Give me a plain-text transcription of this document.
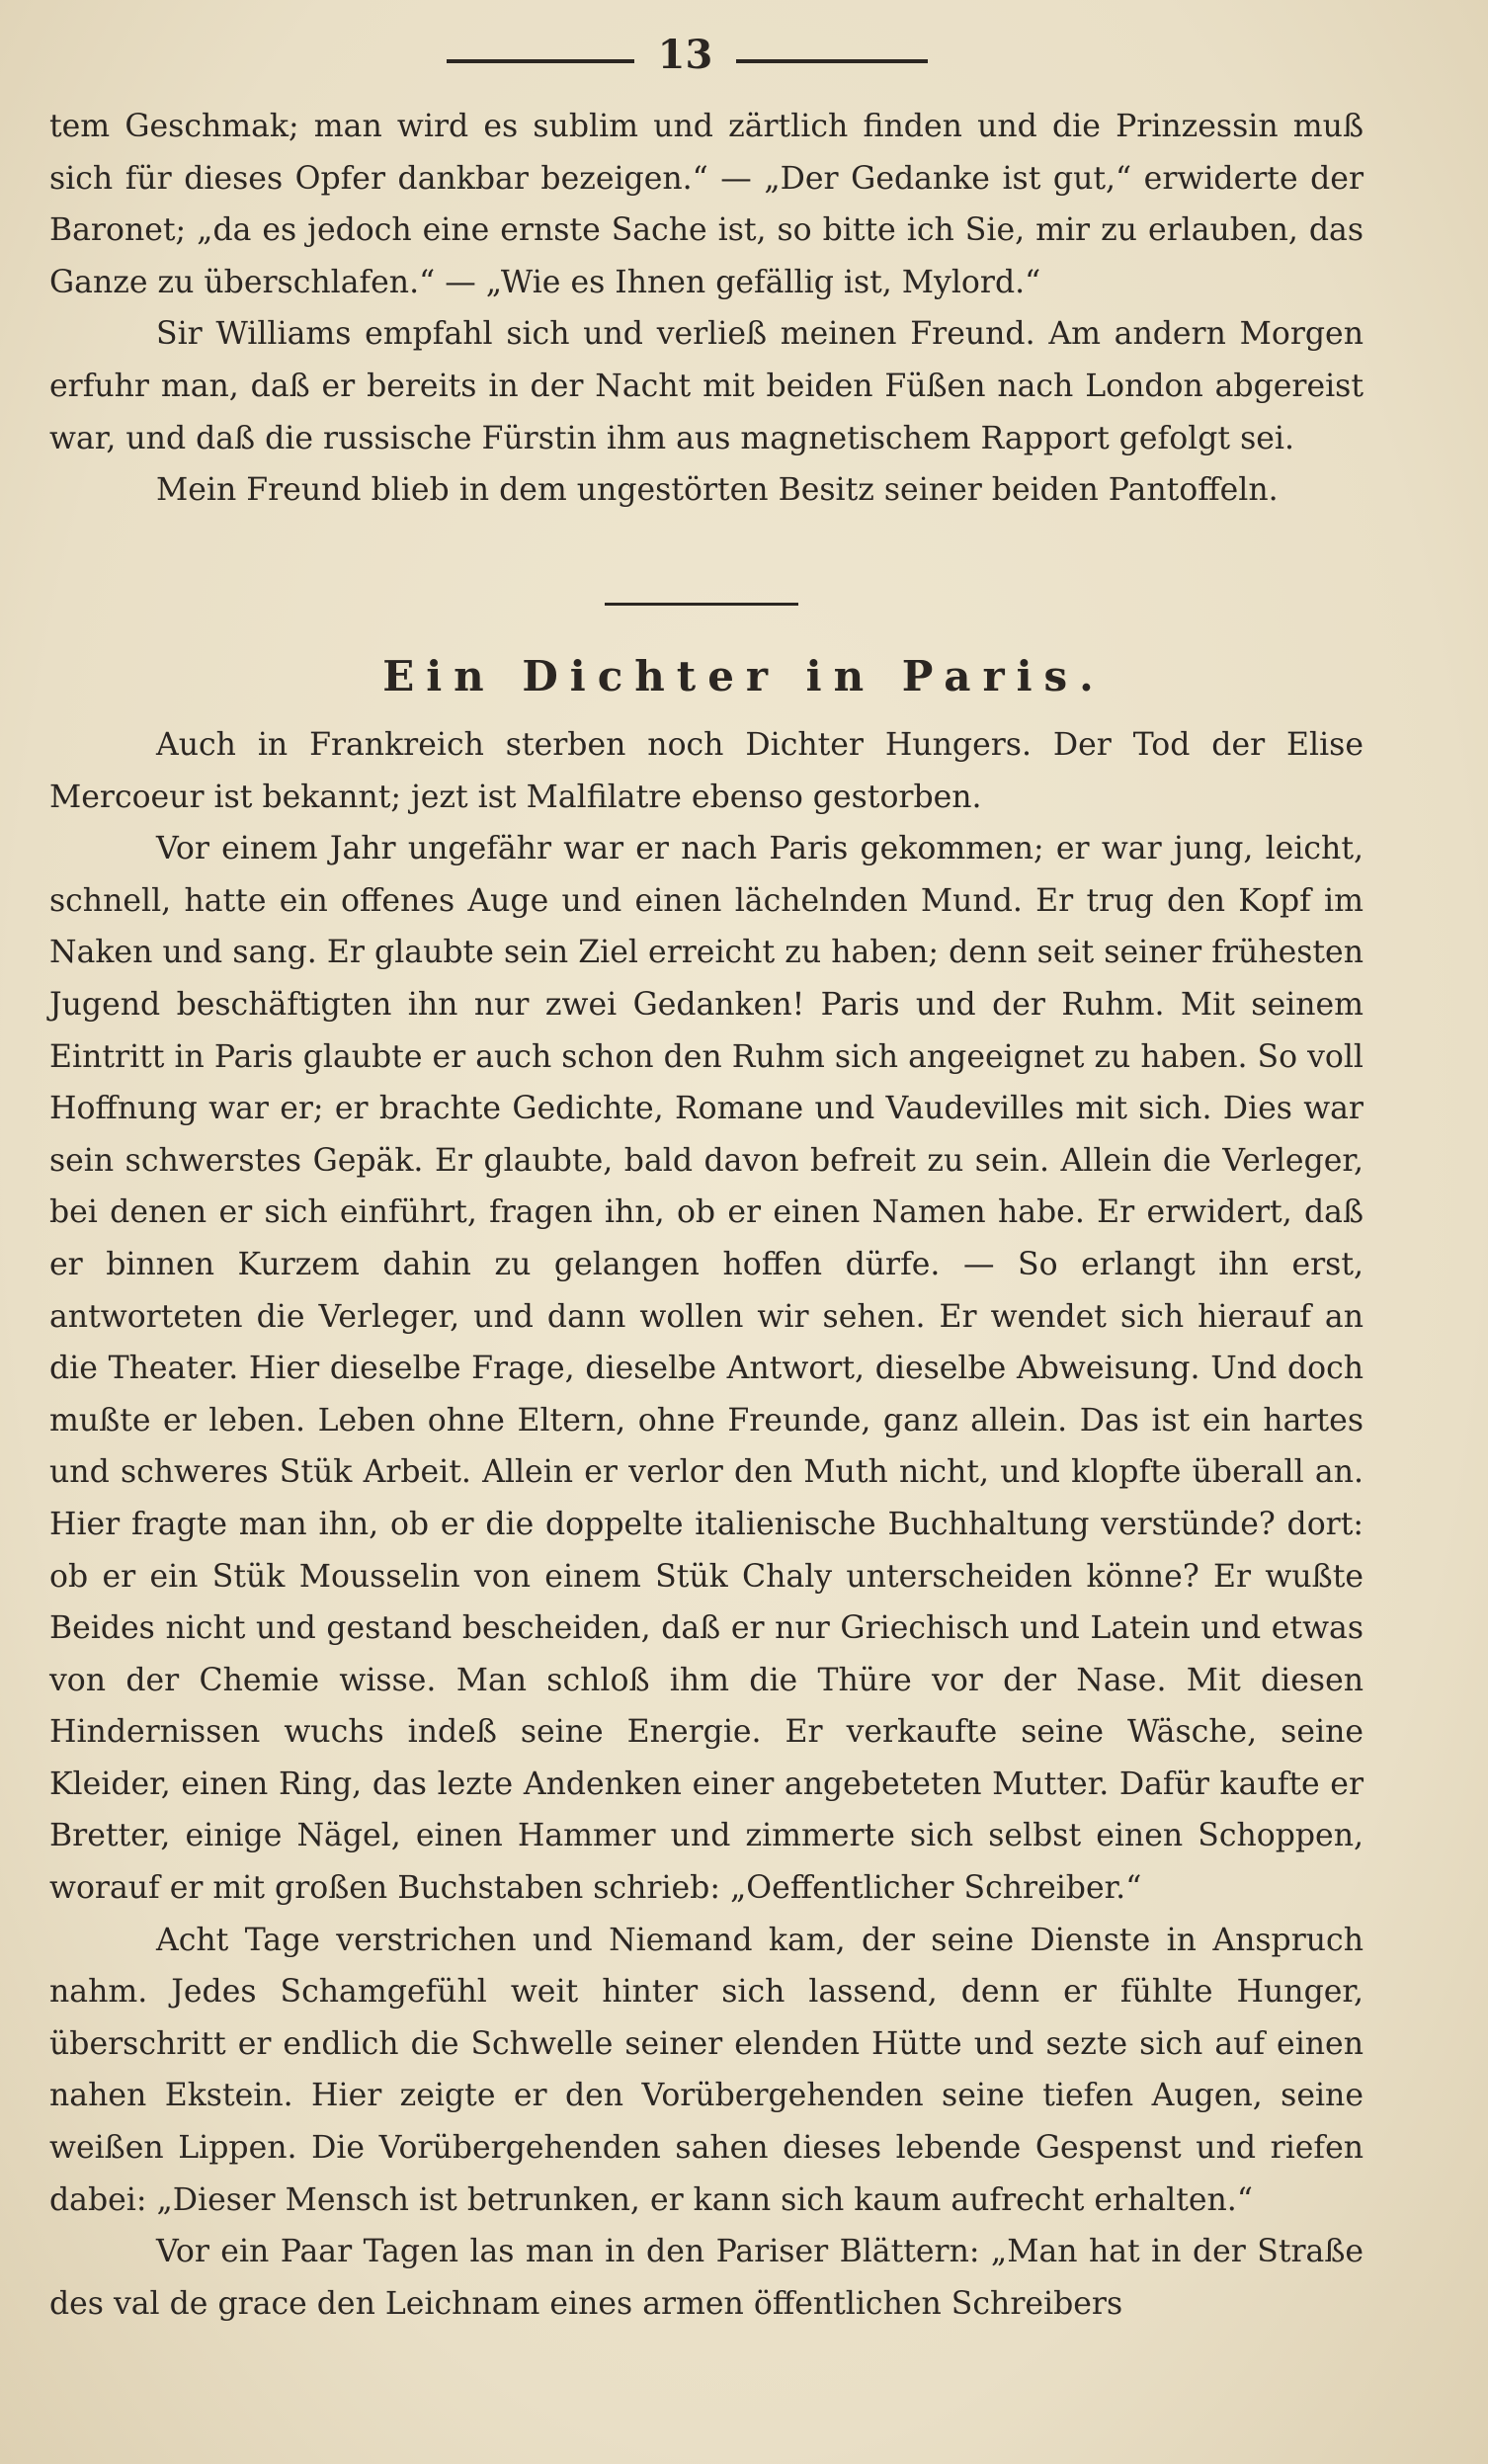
13

tem Geschmak; man wird es sublim und zärtlich finden und die Prinzessin muß sich für dieses Opfer dankbar bezeigen.“ — „Der Gedanke ist gut,“ erwiderte der Baronet; „da es jedoch eine ernste Sache ist, so bitte ich Sie, mir zu erlauben, das Ganze zu überschlafen.“ — „Wie es Ihnen gefällig ist, Mylord.“

Sir Williams empfahl sich und verließ meinen Freund. Am andern Morgen erfuhr man, daß er bereits in der Nacht mit beiden Füßen nach London abgereist war, und daß die russische Fürstin ihm aus magnetischem Rapport gefolgt sei.

Mein Freund blieb in dem ungestörten Besitz seiner beiden Pantoffeln.

Ein Dichter in Paris.

Auch in Frankreich sterben noch Dichter Hungers. Der Tod der Elise Mercoeur ist bekannt; jezt ist Malfilatre ebenso gestorben.

Vor einem Jahr ungefähr war er nach Paris gekommen; er war jung, leicht, schnell, hatte ein offenes Auge und einen lächelnden Mund. Er trug den Kopf im Naken und sang. Er glaubte sein Ziel erreicht zu haben; denn seit seiner frühesten Jugend beschäftigten ihn nur zwei Gedanken! Paris und der Ruhm. Mit seinem Eintritt in Paris glaubte er auch schon den Ruhm sich angeeignet zu haben. So voll Hoffnung war er; er brachte Gedichte, Romane und Vaudevilles mit sich. Dies war sein schwerstes Gepäk. Er glaubte, bald davon befreit zu sein. Allein die Verleger, bei denen er sich einführt, fragen ihn, ob er einen Namen habe. Er erwidert, daß er binnen Kurzem dahin zu gelangen hoffen dürfe. — So erlangt ihn erst, antworteten die Verleger, und dann wollen wir sehen. Er wendet sich hierauf an die Theater. Hier dieselbe Frage, dieselbe Antwort, dieselbe Abweisung. Und doch mußte er leben. Leben ohne Eltern, ohne Freunde, ganz allein. Das ist ein hartes und schweres Stük Arbeit. Allein er verlor den Muth nicht, und klopfte überall an. Hier fragte man ihn, ob er die doppelte italienische Buchhaltung verstünde? dort: ob er ein Stük Mousselin von einem Stük Chaly unterscheiden könne? Er wußte Beides nicht und gestand bescheiden, daß er nur Griechisch und Latein und etwas von der Chemie wisse. Man schloß ihm die Thüre vor der Nase. Mit diesen Hindernissen wuchs indeß seine Energie. Er verkaufte seine Wäsche, seine Kleider, einen Ring, das lezte Andenken einer angebeteten Mutter. Dafür kaufte er Bretter, einige Nägel, einen Hammer und zimmerte sich selbst einen Schoppen, worauf er mit großen Buchstaben schrieb: „Oeffentlicher Schreiber.“

Acht Tage verstrichen und Niemand kam, der seine Dienste in Anspruch nahm. Jedes Schamgefühl weit hinter sich lassend, denn er fühlte Hunger, überschritt er endlich die Schwelle seiner elenden Hütte und sezte sich auf einen nahen Ekstein. Hier zeigte er den Vorübergehenden seine tiefen Augen, seine weißen Lippen. Die Vorübergehenden sahen dieses lebende Gespenst und riefen dabei: „Dieser Mensch ist betrunken, er kann sich kaum aufrecht erhalten.“

Vor ein Paar Tagen las man in den Pariser Blättern: „Man hat in der Straße des val de grace den Leichnam eines armen öffentlichen Schreibers
